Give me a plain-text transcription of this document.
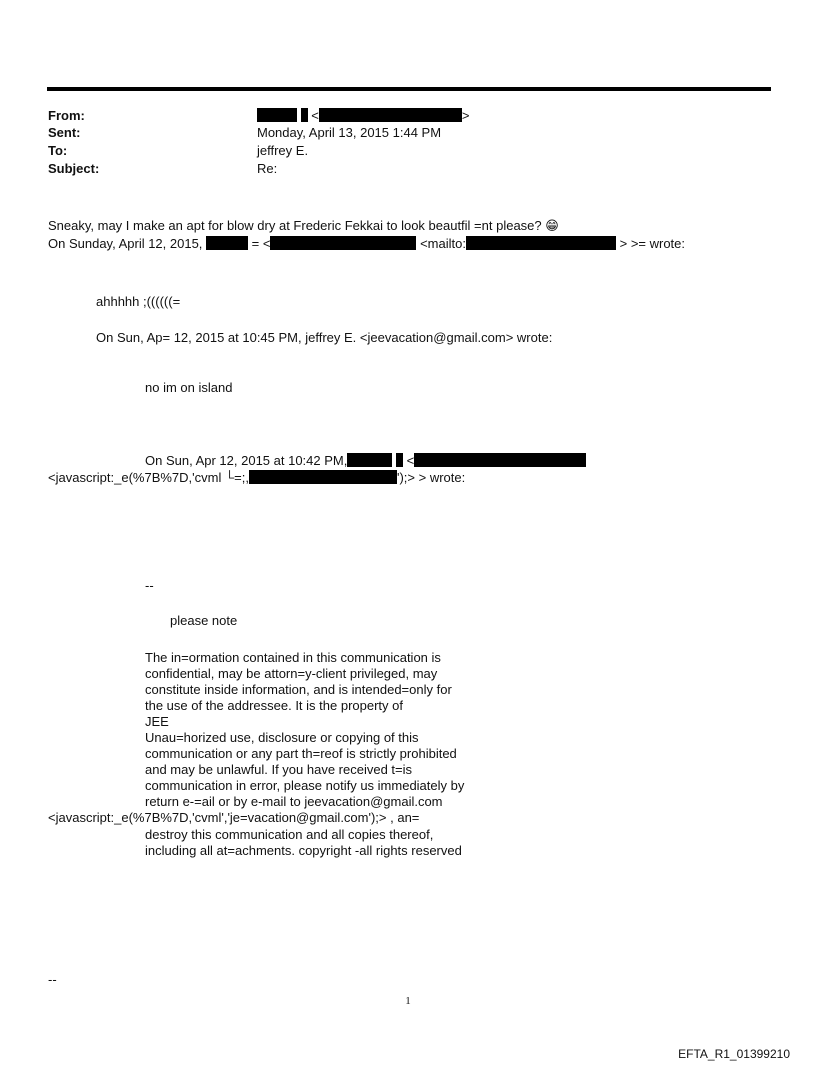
From:	<	>
Sent:	Monday, April 13, 2015 1:44 PM
To:	jeffrey E.
Subject:	Re:
Sneaky, may I make an apt for blow dry at Frederic Fekkai to look beautfil =nt please? 😁
On Sunday, April 12, 2015,	= <	<mailto:	> >= wrote:
ahhhhh ;((((((=
On Sun, Ap= 12, 2015 at 10:45 PM, jeffrey E. <jeevacation@gmail.com> wrote:
no im on island
On Sun, Apr 12, 2015 at 10:42 PM,	<
<javascript:_e(%7B%7D,'cvml └=;,	');> > wrote:
--
please note
The in=ormation contained in this communication is
confidential, may be attorn=y-client privileged, may
constitute inside information, and is intended=only for
the use of the addressee. It is the property of
JEE
Unau=horized use, disclosure or copying of this
communication or any part th=reof is strictly prohibited
and may be unlawful. If you have received t=is
communication in error, please notify us immediately by
return e-=ail or by e-mail to jeevacation@gmail.com
<javascript:_e(%7B%7D,'cvml','je=vacation@gmail.com');> , an=
destroy this communication and all copies thereof,
including all at=achments. copyright -all rights reserved
--
1
EFTA_R1_01399210
